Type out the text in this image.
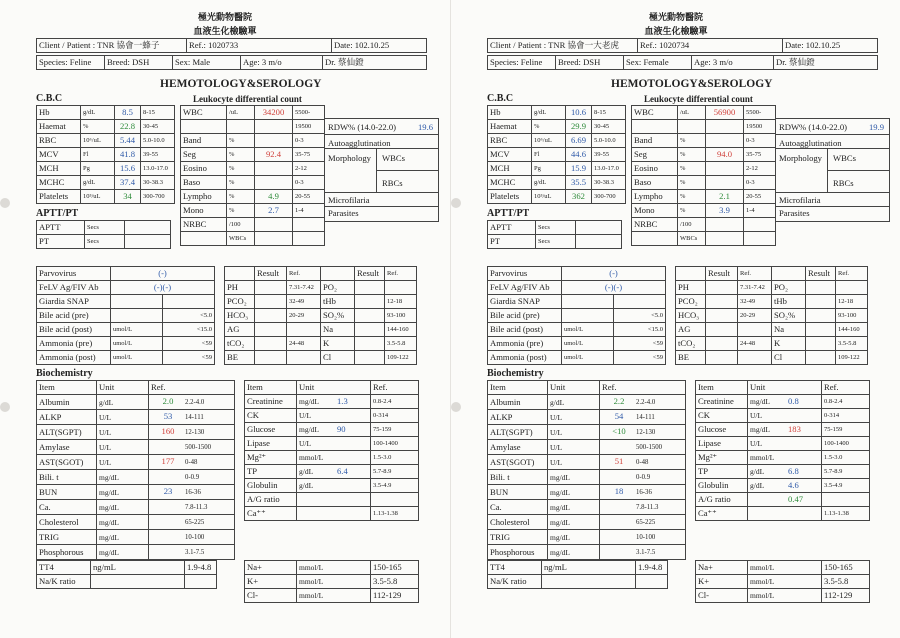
極光動物醫院
血液生化檢驗單
Client / Patient : TNR 協會一蜂子	Ref.: 1020733	Date: 102.10.25
Species: Feline	Breed: DSH	Sex: Male	Age: 3 m/o	Dr. 蔡仙鐙
HEMOTOLOGY&SEROLOGY
C.B.C	Leukocyte differential count
Hb	g/dL	8.5	8-15
Haemat	%	22.8	30-45
RBC	10⁶/uL	5.44	5.0-10.0
MCV	Fl	41.8	39-55
MCH	Pg	15.6	13.0-17.0
MCHC	g/dL	37.4	30-38.3
Platelets	10³/uL	34	300-700
WBC	/uL	34200	5500-
			19500
Band	%		0-3
Seg	%	92.4	35-75
Eosino	%		2-12
Baso	%		0-3
Lympho	%	4.9	20-55
Mono	%	2.7	1-4
NRBC	/100		
	WBCs		
RDW% (14.0-22.0)	19.6
Autoagglutination
Morphology WBCs
RBCs
Microfilaria
Parasites
APTT/PT
APTT	Secs	
PT	Secs	
Parvovirus	(-)	
FeLV Ag/FIV Ab	(-)(-)	
Giardia SNAP		
Bile acid (pre)		<5.0
Bile acid (post)	umol/L	<15.0
Ammonia (pre)	umol/L	<59
Ammonia (post)	umol/L	<59
	Result	Ref.		Result	Ref.
PH		7.31-7.42	PO₂		
PCO₂		32-49	tHb		12-18
HCO₃		20-29	SO₂%		93-100
AG			Na		144-160
tCO₂		24-48	K		3.5-5.8
BE			Cl		109-122
Biochemistry
Item	Unit	Ref.
Albumin	g/dL	2.0 2.2-4.0
ALKP	U/L	53 14-111
ALT(SGPT)	U/L	160 12-130
Amylase	U/L	500-1500
AST(SGOT)	U/L	177 0-48
Bili. t	mg/dL	0-0.9
BUN	mg/dL	23 16-36
Ca.	mg/dL	7.8-11.3
Cholesterol	mg/dL	65-225
TRIG	mg/dL	10-100
Phosphorous	mg/dL	3.1-7.5
Item	Unit	Ref.
Creatinine	mg/dL 1.3	0.8-2.4
CK	U/L	0-314
Glucose	mg/dL 90	75-159
Lipase	U/L	100-1400
Mg²⁺	mmol/L	1.5-3.0
TP	g/dL 6.4	5.7-8.9
Globulin	g/dL	3.5-4.9
A/G ratio		
Ca⁺⁺		1.13-1.38
TT4	ng/mL	1.9-4.8
Na/K ratio		
Na+	mmol/L	150-165
K+	mmol/L	3.5-5.8
Cl-	mmol/L	112-129
極光動物醫院
血液生化檢驗單
Client / Patient : TNR 協會一大老虎	Ref.: 1020734	Date: 102.10.25
Species: Feline	Breed: DSH	Sex: Female	Age: 3 m/o	Dr. 蔡仙鐙
HEMOTOLOGY&SEROLOGY
C.B.C	Leukocyte differential count
Hb	g/dL	10.6	8-15
Haemat	%	29.9	30-45
RBC	10⁶/uL	6.69	5.0-10.0
MCV	Fl	44.6	39-55
MCH	Pg	15.9	13.0-17.0
MCHC	g/dL	35.5	30-38.3
Platelets	10³/uL	362	300-700
WBC	/uL	56900	5500-
			19500
Band	%		0-3
Seg	%	94.0	35-75
Eosino	%		2-12
Baso	%		0-3
Lympho	%	2.1	20-55
Mono	%	3.9	1-4
NRBC	/100		
	WBCs		
RDW% (14.0-22.0)	19.9
Autoagglutination
Morphology WBCs
RBCs
Microfilaria
Parasites
APTT/PT
APTT	Secs	
PT	Secs	
Parvovirus	(-)	
FeLV Ag/FIV Ab	(-)(-)	
Giardia SNAP		
Bile acid (pre)		<5.0
Bile acid (post)	umol/L	<15.0
Ammonia (pre)	umol/L	<59
Ammonia (post)	umol/L	<59
	Result	Ref.		Result	Ref.
PH		7.31-7.42	PO₂		
PCO₂		32-49	tHb		12-18
HCO₃		20-29	SO₂%		93-100
AG			Na		144-160
tCO₂		24-48	K		3.5-5.8
BE			Cl		109-122
Biochemistry
Item	Unit	Ref.
Albumin	g/dL	2.2 2.2-4.0
ALKP	U/L	54 14-111
ALT(SGPT)	U/L	<10 12-130
Amylase	U/L	500-1500
AST(SGOT)	U/L	51 0-48
Bili. t	mg/dL	0-0.9
BUN	mg/dL	18 16-36
Ca.	mg/dL	7.8-11.3
Cholesterol	mg/dL	65-225
TRIG	mg/dL	10-100
Phosphorous	mg/dL	3.1-7.5
Item	Unit	Ref.
Creatinine	mg/dL 0.8	0.8-2.4
CK	U/L	0-314
Glucose	mg/dL 183	75-159
Lipase	U/L	100-1400
Mg²⁺	mmol/L	1.5-3.0
TP	g/dL 6.8	5.7-8.9
Globulin	g/dL 4.6	3.5-4.9
A/G ratio	0.47	
Ca⁺⁺		1.13-1.38
TT4	ng/mL	1.9-4.8
Na/K ratio		
Na+	mmol/L	150-165
K+	mmol/L	3.5-5.8
Cl-	mmol/L	112-129
